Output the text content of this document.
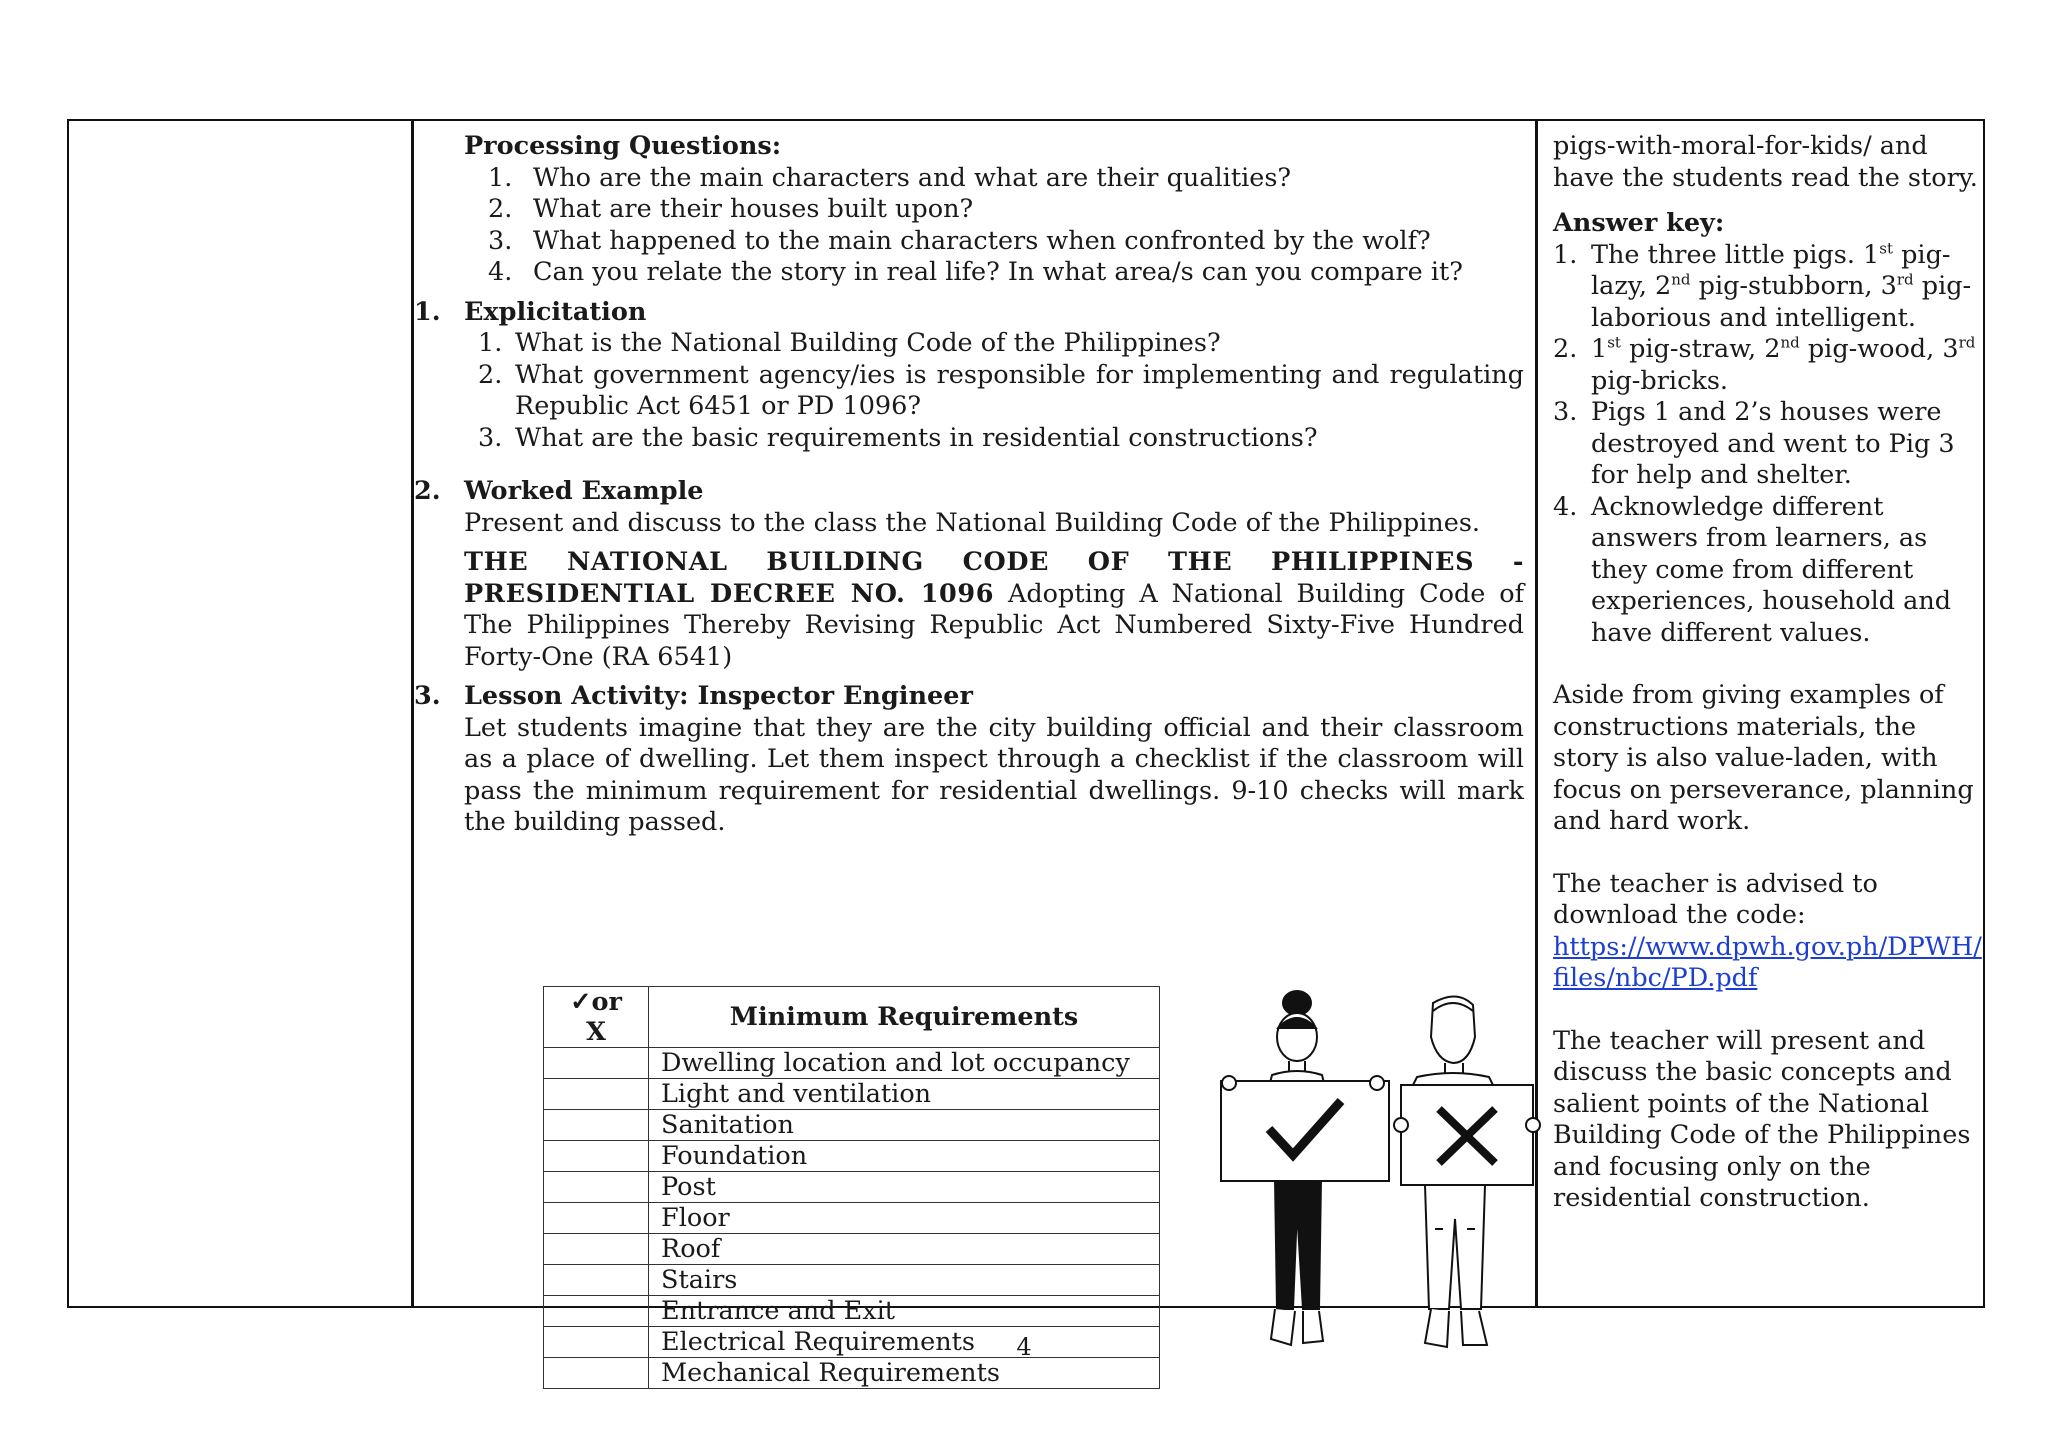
Processing Questions:

1. Who are the main characters and what are their qualities?
2. What are their houses built upon?
3. What happened to the main characters when confronted by the wolf?
4. Can you relate the story in real life? In what area/s can you compare it?
1. Explicitation

1. What is the National Building Code of the Philippines?
2. What government agency/ies is responsible for implementing and regulating Republic Act 6451 or PD 1096?
3. What are the basic requirements in residential constructions?
2. Worked Example

Present and discuss to the class the National Building Code of the Philippines.

THE NATIONAL BUILDING CODE OF THE PHILIPPINES - PRESIDENTIAL DECREE NO. 1096 Adopting A National Building Code of The Philippines Thereby Revising Republic Act Numbered Sixty-Five Hundred Forty-One (RA 6541)

3. Lesson Activity: Inspector Engineer

Let students imagine that they are the city building official and their classroom as a place of dwelling. Let them inspect through a checklist if the classroom will pass the minimum requirement for residential dwellings. 9-10 checks will mark the building passed.

✓or X	Minimum Requirements
	Dwelling location and lot occupancy
	Light and ventilation
	Sanitation
	Foundation
	Post
	Floor
	Roof
	Stairs
	Entrance and Exit
	Electrical Requirements
	Mechanical Requirements

pigs-with-moral-for-kids/ and have the students read the story.

Answer key:

1. The three little pigs. 1st pig-lazy, 2nd pig-stubborn, 3rd pig-laborious and intelligent.
2. 1st pig-straw, 2nd pig-wood, 3rd pig-bricks.
3. Pigs 1 and 2’s houses were destroyed and went to Pig 3 for help and shelter.
4. Acknowledge different answers from learners, as they come from different experiences, household and have different values.

Aside from giving examples of constructions materials, the story is also value-laden, with focus on perseverance, planning and hard work.

The teacher is advised to download the code:

https://www.dpwh.gov.ph/DPWH/files/nbc/PD.pdf

The teacher will present and discuss the basic concepts and salient points of the National Building Code of the Philippines and focusing only on the residential construction.

4
